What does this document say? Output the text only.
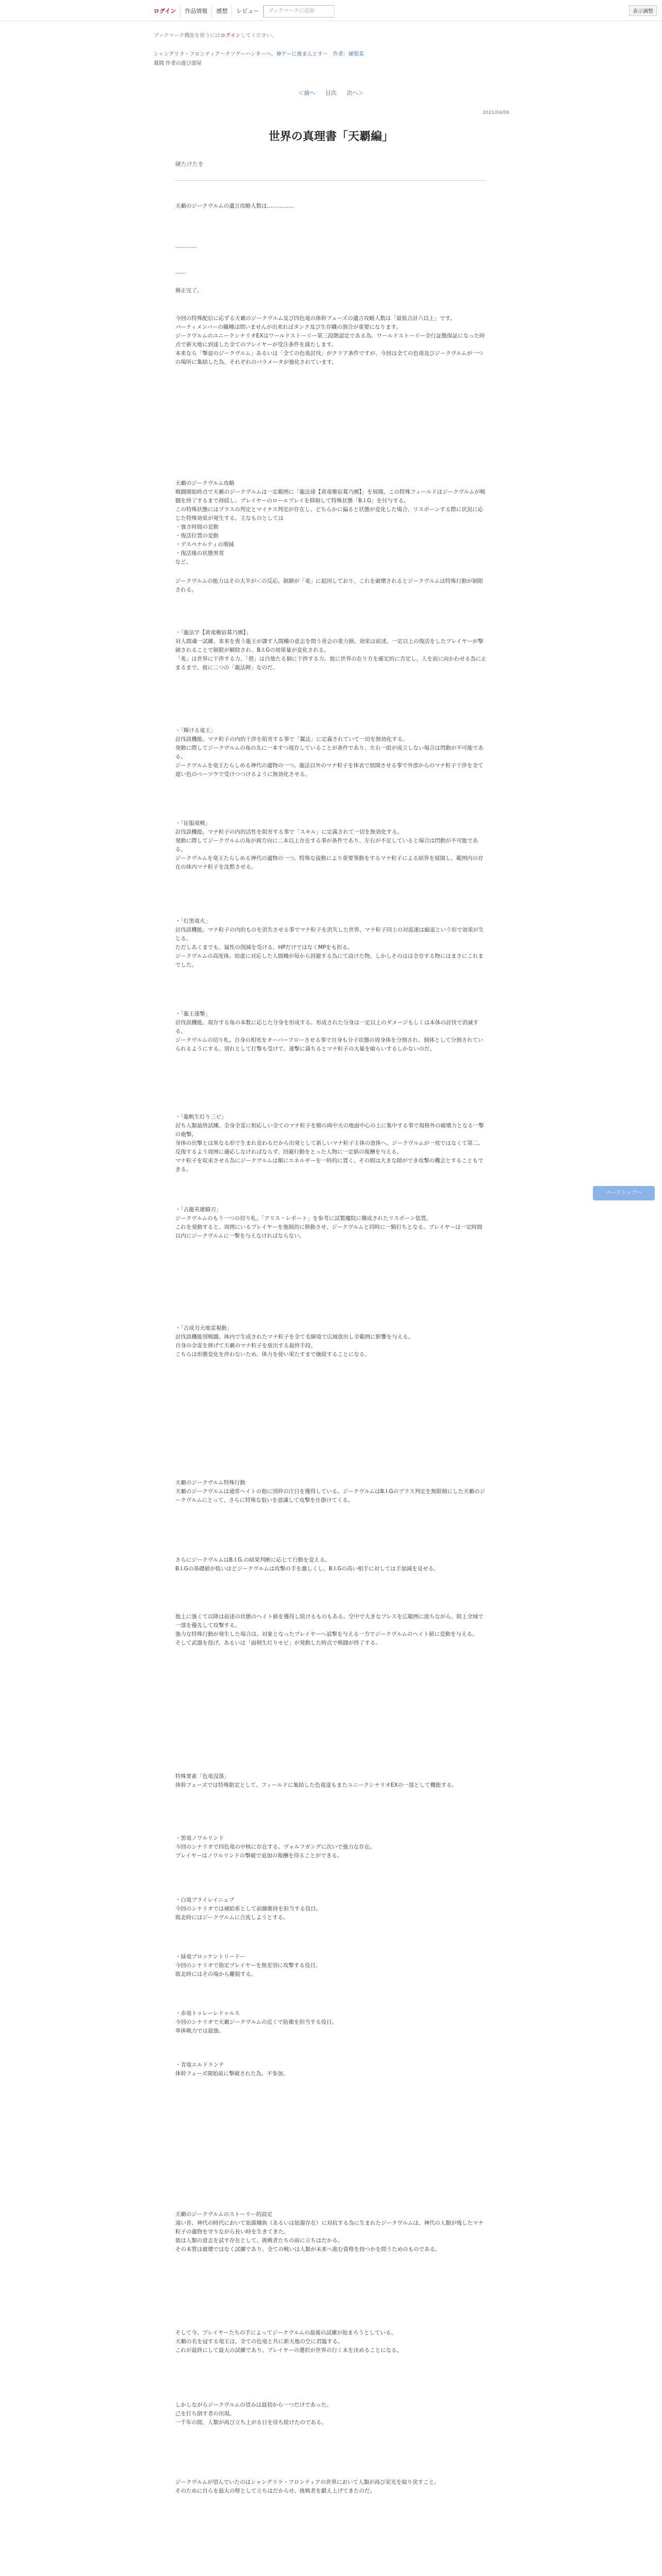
ログイン	作品情報	感想	レビュー	ブックマークに追加	表示調整
ブックマーク機能を使うにはログインしてください。
シャングリラ・フロンティア〜クソゲーハンターヘ、神ゲーに挑まんとす〜　作者：硬梨菜
幕間 作者の遊び部屋
＜前へ 目次 次へ＞
2021/04/06
世界の真理書「天覇編」
硬たけたを
天覇のジークヴルムの遺言攻略人数は……………
…………
……
修正完了。
今回の特殊配信に応ずる天覇のジークヴルム及び四色竜の体幹フェーズの遺言攻略人数は「最低合計六以上」です。
パーティメンバーの職種は問いませんが出来ればタンク及び生存職の割合が重要になります。
ジークヴルムのユニークシナリオEXはワールドストーリー第三段階認定である為、ワールドストーリー全行証拠保証になった時点で新天地に到達した全てのプレイヤーが受注条件を満たします。
本来なら「撃退のジークヴルム」あるいは「全ての色竜討伐」がクリア条件ですが、今回は全ての色竜及びジークヴルムが一つの場所に集結した為、それぞれのパラメータが強化されています。
天覇のジークヴルム攻略
戦闘開始時点で天覇のジークヴルムは一定範囲に「龍法球【黄竜権宿募乃園】」を展開。この特殊フィールドはジークヴルムが戦闘を終了するまで持続し、プレイヤーのロールプレイを抑制して特殊状態「B.I.G」を付与する。
この特殊状態にはプラスの判定とマイナス判定が存在し、どちらかに偏ると状態が変化した場合、リスポーンする際に状況に応じた特殊効果が発生する。主なものとしては
・強さ時間の変動
・復活位置の変動
・デスペナルティの増減
・復活後の状態異常
など。
ジークヴルムの能力はその大半が＜の反応。制御が「竜」に起因しており、これを破壊されるとジークヴルムは特殊行動が制限される。
・「龍法宇【黄竜権宿募乃園】」
対人間魂一試練、来来を喪う龍王が課す人間種の意志を問う善会の重力圏。効果は前述。一定以上の復活をしたプレイヤーが撃破されることで制限が解除され、B.I.Gの効果量が変化される。
「兆」は世界に干渉する力、「借」は自他たる個に干渉する力。彼に世界の在り方を確定的に否定し、人を前に向かわせる為に止まるまで、彼に二つの「龍法陣」なのだ。
・「輝ける竜王」
討伐誤機能。マナ粒子の内的干渉を阻害する事で「翼法」に定義されていて一切を無効化する。
発動に際してジークヴルムの角の先に一本すつ現存していることが条件であり、左右一組が成立しない場合は閃動が不可能である。
ジークヴルムを竜王たらしめる神代の遺物の一つ。龍法以外のマナ粒子を体表で展開させる事で外部からのマナ粒子干渉を全て遮い色のベーツウで受けつつけるように無効化させる。
・「征服竜戦」
討伐誤機能。マナ粒子の内的活性を阻害する事で「スキル」に定義されて一切を無効化する。
発動に際してジークヴルムの角が両方向に二本以上存在する事が条件であり、左右が不足していると場合は閃動が不可能である。
ジークヴルムを竜王たらしめる神代の遺物の一つ。特殊な接動により重要事動をするマナ粒子による結界を展開し、範囲内の存在の体内マナ粒子を沈黙させる。
・「灯黒竜火」
討伐誤機能。マナ粒子の内的ものを消失させる事でマナ粒子を消失した世界、マナ粒子同士の対流速は縮退という形で効果が生じる。
ただしあくまでも、属性の削減を受ける。HPだけではなくMPをも担る。
ジークヴルムの高度体。幼虚に対応した人間種が毎から回避する為にて設けた物。しかしそのはは全存する物にはまさにこれまでした。
・「龍王連撃」
討伐誤機能。現存する角の本数に応じた分身を形成する。形成された分身は一定以上のダメージもしくは本体の討伐で消滅する。
ジークヴルムの切り札。自身の相死をオーバーフローさせる事で自身も分子状態の周身体を分割され、個体として分割されていられるようにする。別れとして打撃も受けて、連撃に満ちるとマナ粒子の大量を喰らいするしかないのだ。
・「龍帆生灯り三ピ」
討ち人類最終試練。全身全霊に相応しい全てのマナ粒子を額の両中天の地面中心の上に集中する事で規格外の破壊力となる一撃の砲撃。
身体の出撃とは異なる形で生まれ変わるだから出発として新しいマナ粒子主体の放体へ。ジークヴルムが一度ではなくて第二、反復するよう周囲に適応しなければならず、回避行動をとった人物に一定値の報酬を与える。
マナ粒子を収束させる為にジークヴルムは額にエネルギーを一時的に置く。その間は大きな隙ができ攻撃の機会とすることもできる。
・「古龍英雄騎刃」
ジークヴルムのもう一つの切り札。「アリス・レポート」を参考に試製魔院に構成されたリスポーン装置。
これを発動すると、周囲にいるプレイヤーを強制的に移動させ、ジークヴルムと同時に一騎打ちとなる。プレイヤーは一定時間以内にジークヴルムに一撃を与えなければならない。
・「古成刃天地霊視動」
討伐誤機能別戦闘。体内で生成されたマナ粒子を全て毛細竜で広域放出し全範囲に影響を与える。
自身の全霊を捧げて天覇のマナ粒子を放出する最終手段。
こちらは形態変化を伴わないため、体力を使い果たすまで継続することになる。
天覇のジークヴルム特殊行動
天覇のジークヴルムは通常ヘイトの他に別枠の注目を獲得している。ジークヴルムはB.I.Gのプラス判定を無限積にした天覇のジークヴルムにとって、さらに特殊な狙いを意識して攻撃を仕掛けてくる。
さらにジークヴルムはB.I.G.の結果判断に応じて行動を変える。
B.I.Gの基礎値が低いほどジークヴルムは攻撃の手を激しくし、B.I.Gの高い相手に対しては手加減を見せる。
他上に強くて以降は前述の状態のヘイト値を獲得し続けるものもある。空中で大きなブレスを広範囲に放ちながら、陸上全域で一部を優先して攻撃する。
強力な特殊行動が発生した場合は、対象となったプレイヤーへ追撃を与える一方でジークヴルムのヘイト値に変動を与える。
そして武器を投げ、あるいは「面剣生灯りモピ」が発動した時点で戦闘が終了する。
特殊要素「色竜没落」
体幹フェーズでは特殊限定として、フィールドに集結した色竜達もまたユニークシナリオEXの一部として機能する。
・黒竜ノワルリンド
今回のシナリオで四色竜の中核に存在する。ヴォルフガングに次いで強力な存在。
プレイヤーはノワルリンドの撃破で追加の報酬を得ることができる。
・白竜ブライレイニェブ
今回のシナリオでは補給系として前線維持を担当する役目。
敗北時にはジークヴルムに合流しようとする。
・緑竜ブロッケントリードー
今回のシナリオで指定プレイヤーを無差別に攻撃する役目。
敗北時にはその場から離脱する。
・赤竜トゥレーレドゥルス
今回のシナリオで天覇ジークヴルムの近くで防衛を担当する役目。
単体戦力では最強。
・青竜エルドランテ
体幹フェーズ開始前に撃破された為、不参加。
天覇のジークヴルムのストーリー的設定
遠い昔、神代の時代において始源種族（あるいは始源存在）に対抗する為に生まれたジークヴルムは、神代の人類が残したマナ粒子の遺物を守りながら長い時を生きてきた。
彼は人類の意志を試す存在として、挑戦者たちの前に立ちはだかる。
その本質は破壊ではなく試練であり、全ての戦いは人類が未来へ進む資格を持つかを問うためのものである。
そして今、プレイヤーたちの手によってジークヴルムの最後の試練が始まろうとしている。
天覇の名を冠する竜王は、全ての色竜と共に新天地の空に君臨する。
これが最終にして最大の試練であり、プレイヤーの選択が世界の行く末を決めることになる。
しかしながらジークヴルムの望みは最初から一つだけであった。
己を打ち倒す者の出現。
一千年の間、人類が再び立ち上がる日を待ち続けたのである。
ジークヴルムが望んでいたのはシャングリラ・フロンティアの世界において人類が再び栄光を取り戻すこと。
そのために自らを最大の壁として立ちはだからせ、挑戦者を鍛え上げてきたのだ。
ページトップへ
